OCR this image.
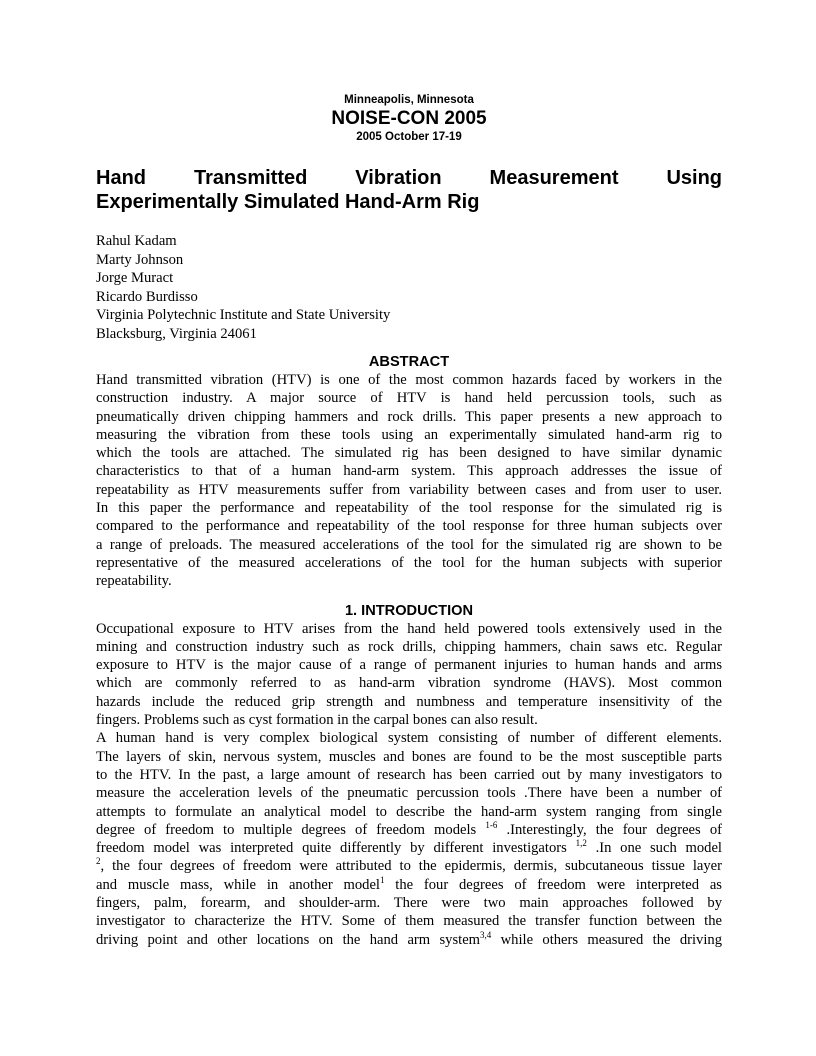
Minneapolis, Minnesota
NOISE-CON 2005
2005 October 17-19
Hand Transmitted Vibration Measurement Using
Experimentally Simulated Hand-Arm Rig
Rahul Kadam
Marty Johnson
Jorge Muract
Ricardo Burdisso
Virginia Polytechnic Institute and State University
Blacksburg, Virginia 24061
ABSTRACT

Hand transmitted vibration (HTV) is one of the most common hazards faced by workers in the
construction industry. A major source of HTV is hand held percussion tools, such as
pneumatically driven chipping hammers and rock drills. This paper presents a new approach to
measuring the vibration from these tools using an experimentally simulated hand-arm rig to
which the tools are attached. The simulated rig has been designed to have similar dynamic
characteristics to that of a human hand-arm system. This approach addresses the issue of
repeatability as HTV measurements suffer from variability between cases and from user to user.
In this paper the performance and repeatability of the tool response for the simulated rig is
compared to the performance and repeatability of the tool response for three human subjects over
a range of preloads. The measured accelerations of the tool for the simulated rig are shown to be
representative of the measured accelerations of the tool for the human subjects with superior
repeatability.

1. INTRODUCTION

Occupational exposure to HTV arises from the hand held powered tools extensively used in the
mining and construction industry such as rock drills, chipping hammers, chain saws etc. Regular
exposure to HTV is the major cause of a range of permanent injuries to human hands and arms
which are commonly referred to as hand-arm vibration syndrome (HAVS). Most common
hazards include the reduced grip strength and numbness and temperature insensitivity of the
fingers. Problems such as cyst formation in the carpal bones can also result.

A human hand is very complex biological system consisting of number of different elements.
The layers of skin, nervous system, muscles and bones are found to be the most susceptible parts
to the HTV. In the past, a large amount of research has been carried out by many investigators to
measure the acceleration levels of the pneumatic percussion tools .There have been a number of
attempts to formulate an analytical model to describe the hand-arm system ranging from single
degree of freedom to multiple degrees of freedom models $^{1-6}$ .Interestingly, the four degrees of
freedom model was interpreted quite differently by different investigators $^{1,2}$ .In one such model
$^2$, the four degrees of freedom were attributed to the epidermis, dermis, subcutaneous tissue layer
and muscle mass, while in another model$^1$ the four degrees of freedom were interpreted as
fingers, palm, forearm, and shoulder-arm. There were two main approaches followed by
investigator to characterize the HTV. Some of them measured the transfer function between the
driving point and other locations on the hand arm system$^{3,4}$ while others measured the driving
